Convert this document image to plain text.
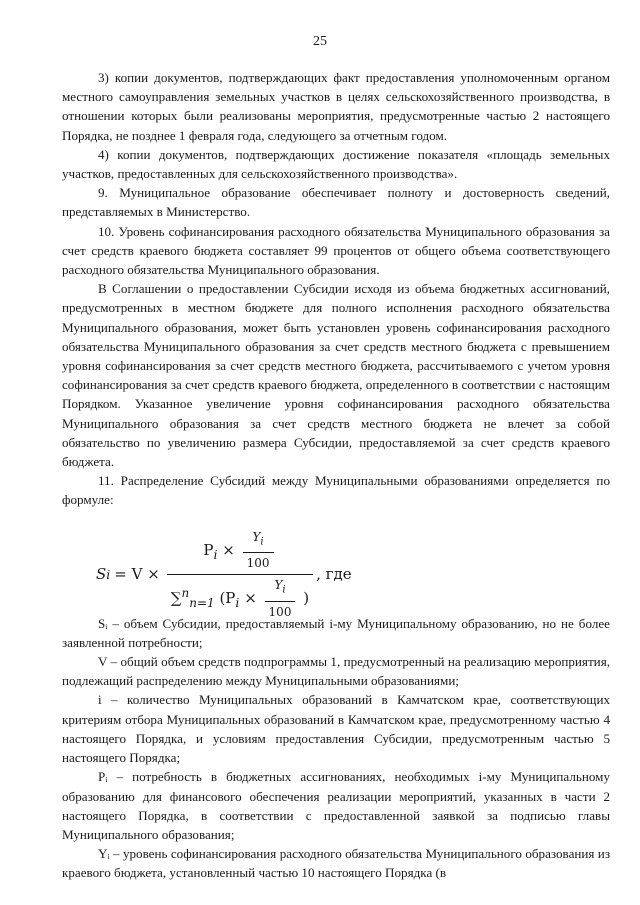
25

3) копии документов, подтверждающих факт предоставления уполномоченным органом местного самоуправления земельных участков в целях сельскохозяйственного производства, в отношении которых были реализованы мероприятия, предусмотренные частью 2 настоящего Порядка, не позднее 1 февраля года, следующего за отчетным годом.

4) копии документов, подтверждающих достижение показателя «площадь земельных участков, предоставленных для сельскохозяйственного производства».

9. Муниципальное образование обеспечивает полноту и достоверность сведений, представляемых в Министерство.

10. Уровень софинансирования расходного обязательства Муниципального образования за счет средств краевого бюджета составляет 99 процентов от общего объема соответствующего расходного обязательства Муниципального образования.

В Соглашении о предоставлении Субсидии исходя из объема бюджетных ассигнований, предусмотренных в местном бюджете для полного исполнения расходного обязательства Муниципального образования, может быть установлен уровень софинансирования расходного обязательства Муниципального образования за счет средств местного бюджета с превышением уровня софинансирования за счет средств местного бюджета, рассчитываемого с учетом уровня софинансирования за счет средств краевого бюджета, определенного в соответствии с настоящим Порядком. Указанное увеличение уровня софинансирования расходного обязательства Муниципального образования за счет средств местного бюджета не влечет за собой обязательство по увеличению размера Субсидии, предоставляемой за счет средств краевого бюджета.

11. Распределение Субсидий между Муниципальными образованиями определяется по формуле:

S i = V ×
$P_i \times \frac{Y_i}{100}$
∑$^n_{n=1}$ ($P_i \times \frac{Y_i}{100}$ )
, где

Sᵢ – объем Субсидии, предоставляемый i-му Муниципальному образованию, но не более заявленной потребности;

V – общий объем средств подпрограммы 1, предусмотренный на реализацию мероприятия, подлежащий распределению между Муниципальными образованиями;

i – количество Муниципальных образований в Камчатском крае, соответствующих критериям отбора Муниципальных образований в Камчатском крае, предусмотренному частью 4 настоящего Порядка, и условиям предоставления Субсидии, предусмотренным частью 5 настоящего Порядка;

Pᵢ – потребность в бюджетных ассигнованиях, необходимых i-му Муниципальному образованию для финансового обеспечения реализации мероприятий, указанных в части 2 настоящего Порядка, в соответствии с предоставленной заявкой за подписью главы Муниципального образования;

Yᵢ – уровень софинансирования расходного обязательства Муниципального образования из краевого бюджета, установленный частью 10 настоящего Порядка (в
